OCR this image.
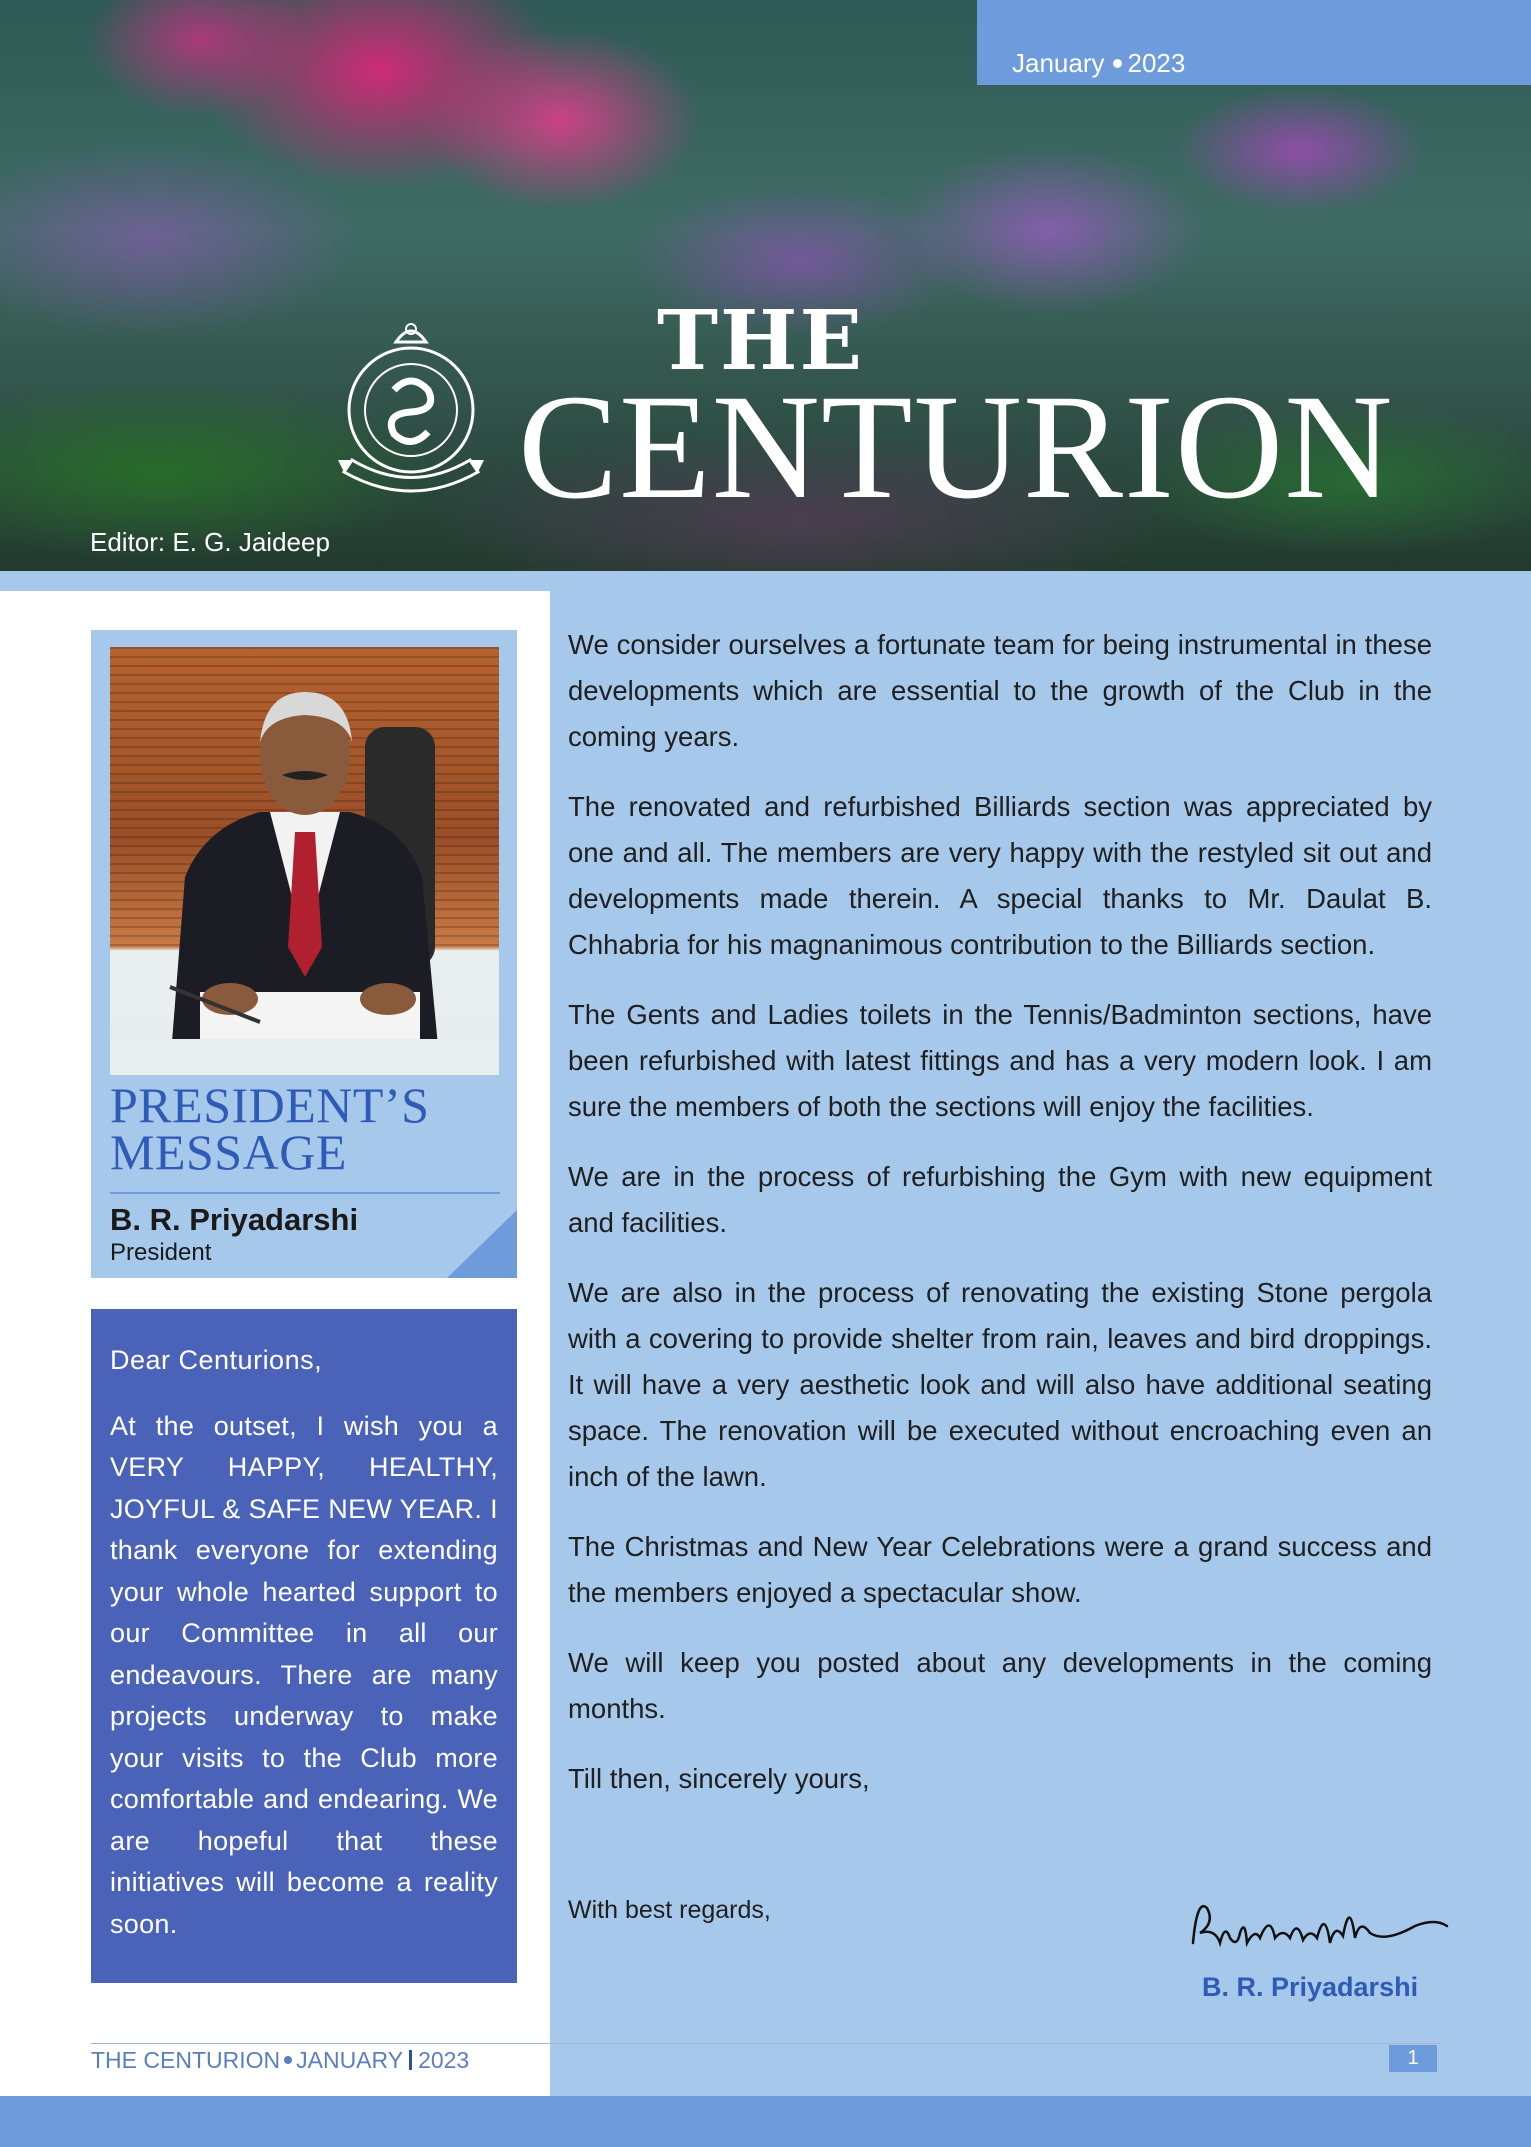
January 2023
THE
CENTURION
Editor: E. G. Jaideep
PRESIDENT’S
MESSAGE
B. R. Priyadarshi
President

Dear Centurions,

At the outset, I wish you a VERY HAPPY, HEALTHY, JOYFUL & SAFE NEW YEAR. I thank everyone for extending your whole hearted support to our Committee in all our endeavours. There are many projects underway to make your visits to the Club more comfortable and endearing. We are hopeful that these initiatives will become a reality soon.

We consider ourselves a fortunate team for being instrumental in these developments which are essential to the growth of the Club in the coming years.

The renovated and refurbished Billiards section was appreciated by one and all. The members are very happy with the restyled sit out and developments made therein. A special thanks to Mr. Daulat B. Chhabria for his magnanimous contribution to the Billiards section.

The Gents and Ladies toilets in the Tennis/Badminton sections, have been refurbished with latest fittings and has a very modern look. I am sure the members of both the sections will enjoy the facilities.

We are in the process of refurbishing the Gym with new equipment and facilities.

We are also in the process of renovating the existing Stone pergola with a covering to provide shelter from rain, leaves and bird droppings. It will have a very aesthetic look and will also have additional seating space. The renovation will be executed without encroaching even an inch of the lawn.

The Christmas and New Year Celebrations were a grand success and the members enjoyed a spectacular show.

We will keep you posted about any developments in the coming months.

Till then, sincerely yours,

With best regards,
B. R. Priyadarshi
THE CENTURION JANUARY 2023	1
